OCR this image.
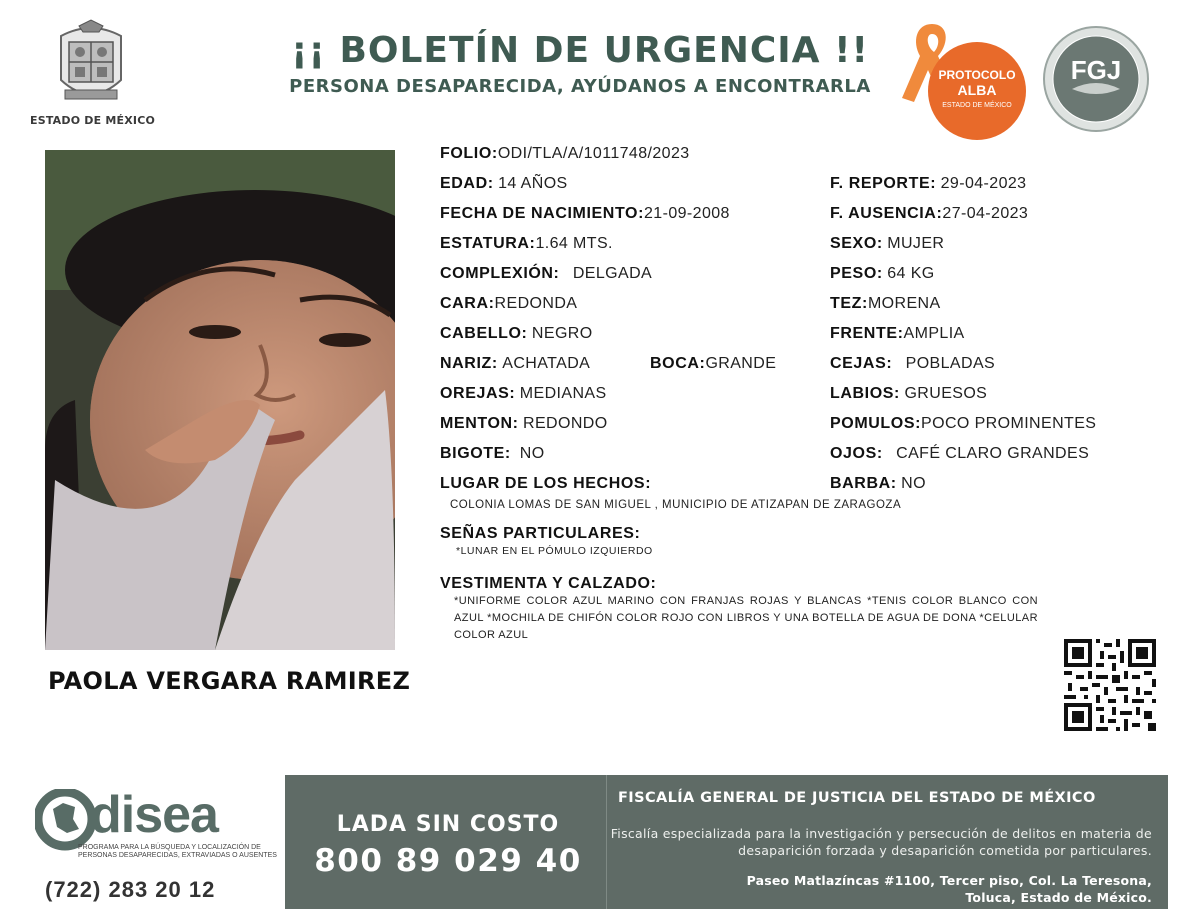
ESTADO DE MÉXICO
¡¡ BOLETÍN DE URGENCIA !!
PERSONA DESAPARECIDA, AYÚDANOS A ENCONTRARLA
PROTOCOLO
ALBA
ESTADO DE MÉXICO
FGJ
PAOLA VERGARA RAMIREZ
FOLIO:ODI/TLA/A/1011748/2023
EDAD: 14 AÑOS	F. REPORTE: 29-04-2023
FECHA DE NACIMIENTO:21-09-2008	F. AUSENCIA:27-04-2023
ESTATURA:1.64 MTS.	SEXO: MUJER
COMPLEXIÓN: DELGADA	PESO: 64 KG
CARA:REDONDA	TEZ:MORENA
CABELLO: NEGRO	FRENTE:AMPLIA
NARIZ: ACHATADA	BOCA:GRANDE	CEJAS: POBLADAS
OREJAS: MEDIANAS	LABIOS: GRUESOS
MENTON: REDONDO	POMULOS:POCO PROMINENTES
BIGOTE: NO	OJOS: CAFÉ CLARO GRANDES
LUGAR DE LOS HECHOS:	BARBA: NO
COLONIA LOMAS DE SAN MIGUEL , MUNICIPIO DE ATIZAPAN DE ZARAGOZA
SEÑAS PARTICULARES:
*LUNAR EN EL PÓMULO IZQUIERDO
VESTIMENTA Y CALZADO:
*UNIFORME COLOR AZUL MARINO CON FRANJAS ROJAS Y BLANCAS *TENIS COLOR BLANCO CON AZUL *MOCHILA DE CHIFÓN COLOR ROJO CON LIBROS Y UNA BOTELLA DE AGUA DE DONA *CELULAR COLOR AZUL
disea
PROGRAMA PARA LA BÚSQUEDA Y LOCALIZACIÓN DE PERSONAS DESAPARECIDAS, EXTRAVIADAS O AUSENTES
(722) 283 20 12
LADA SIN COSTO
800 89 029 40
FISCALÍA GENERAL DE JUSTICIA DEL ESTADO DE MÉXICO
Fiscalía especializada para la investigación y persecución de delitos en materia de desaparición forzada y desaparición cometida por particulares.
Paseo Matlazíncas #1100, Tercer piso, Col. La Teresona,
Toluca, Estado de México.
